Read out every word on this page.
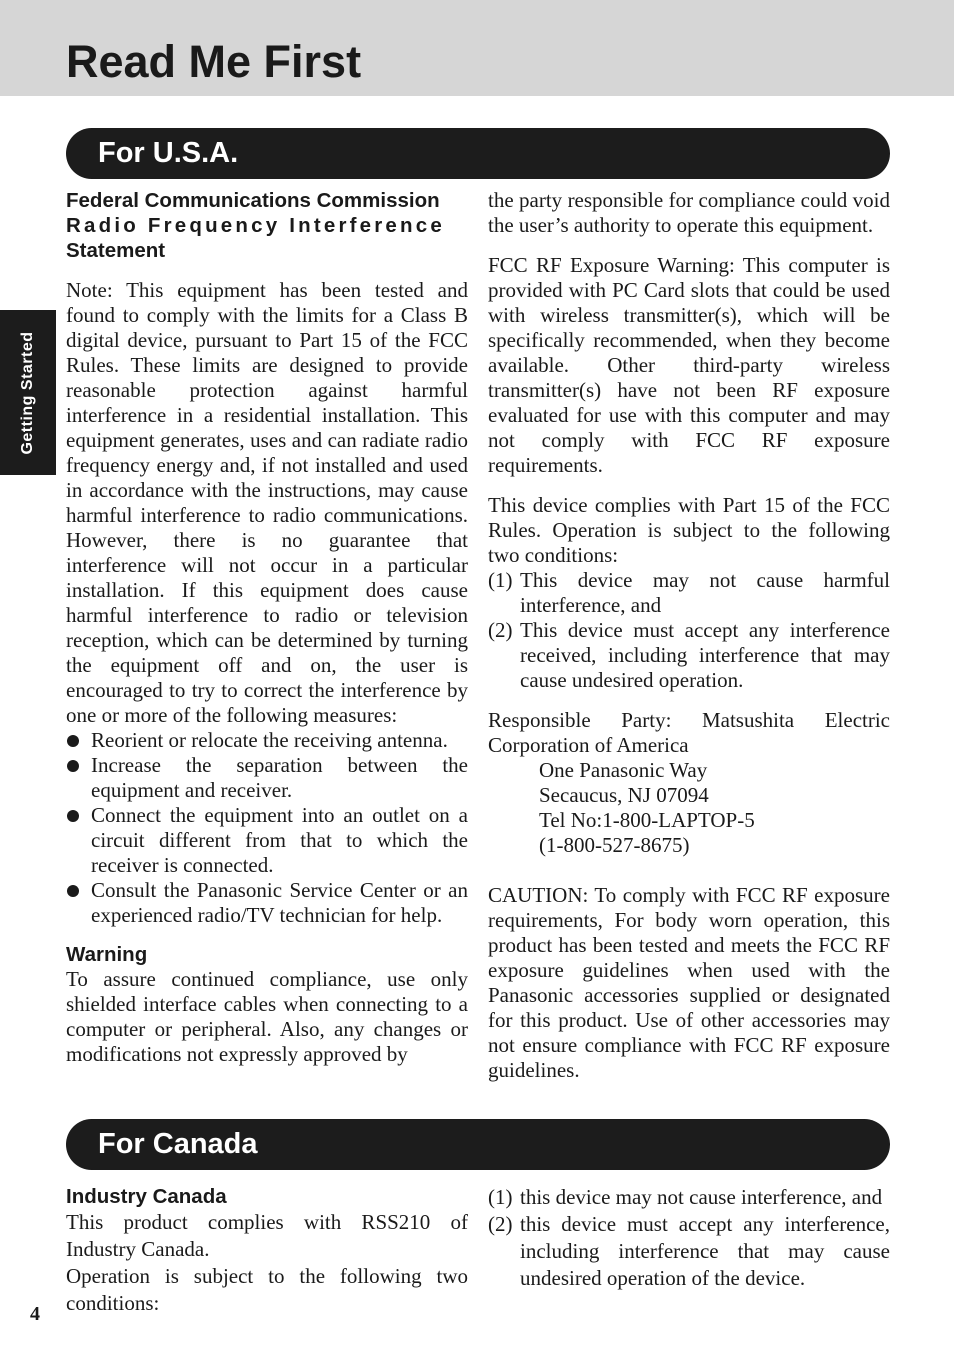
Read Me First
Getting Started
For U.S.A.
Federal Communications Commission
Radio Frequency Interference
Statement

Note: This equipment has been tested and found to comply with the limits for a Class B digital device, pursuant to Part 15 of the FCC Rules. These limits are designed to provide reasonable protection against harmful interference in a residential installation. This equipment generates, uses and can radiate radio frequency energy and, if not installed and used in accordance with the instructions, may cause harmful interference to radio communications. However, there is no guarantee that interference will not occur in a particular installation. If this equipment does cause harmful interference to radio or television reception, which can be determined by turning the equipment off and on, the user is encouraged to try to correct the interference by one or more of the following measures:

Reorient or relocate the receiving antenna.
Increase the separation between the equipment and receiver.
Connect the equipment into an outlet on a circuit different from that to which the receiver is connected.
Consult the Panasonic Service Center or an experienced radio/TV technician for help.
Warning

To assure continued compliance, use only shielded interface cables when connecting to a computer or peripheral. Also, any changes or modifications not expressly approved by

the party responsible for compliance could void the user’s authority to operate this equipment.

FCC RF Exposure Warning: This computer is provided with PC Card slots that could be used with wireless transmitter(s), which will be specifically recommended, when they become available. Other third-party wireless transmitter(s) have not been RF exposure evaluated for use with this computer and may not comply with FCC RF exposure requirements.

This device complies with Part 15 of the FCC Rules. Operation is subject to the following two conditions:

(1) This device may not cause harmful interference, and
(2) This device must accept any interference received, including interference that may cause undesired operation.

Responsible Party: Matsushita Electric Corporation of America

One Panasonic Way
Secaucus, NJ 07094
Tel No:1-800-LAPTOP-5
(1-800-527-8675)

CAUTION: To comply with FCC RF exposure requirements, For body worn operation, this product has been tested and meets the FCC RF exposure guidelines when used with the Panasonic accessories supplied or designated for this product. Use of other accessories may not ensure compliance with FCC RF exposure guidelines.

For Canada
Industry Canada

This product complies with RSS210 of Industry Canada.

Operation is subject to the following two conditions:

(1) this device may not cause interference, and
(2) this device must accept any interference, including interference that may cause undesired operation of the device.
4
